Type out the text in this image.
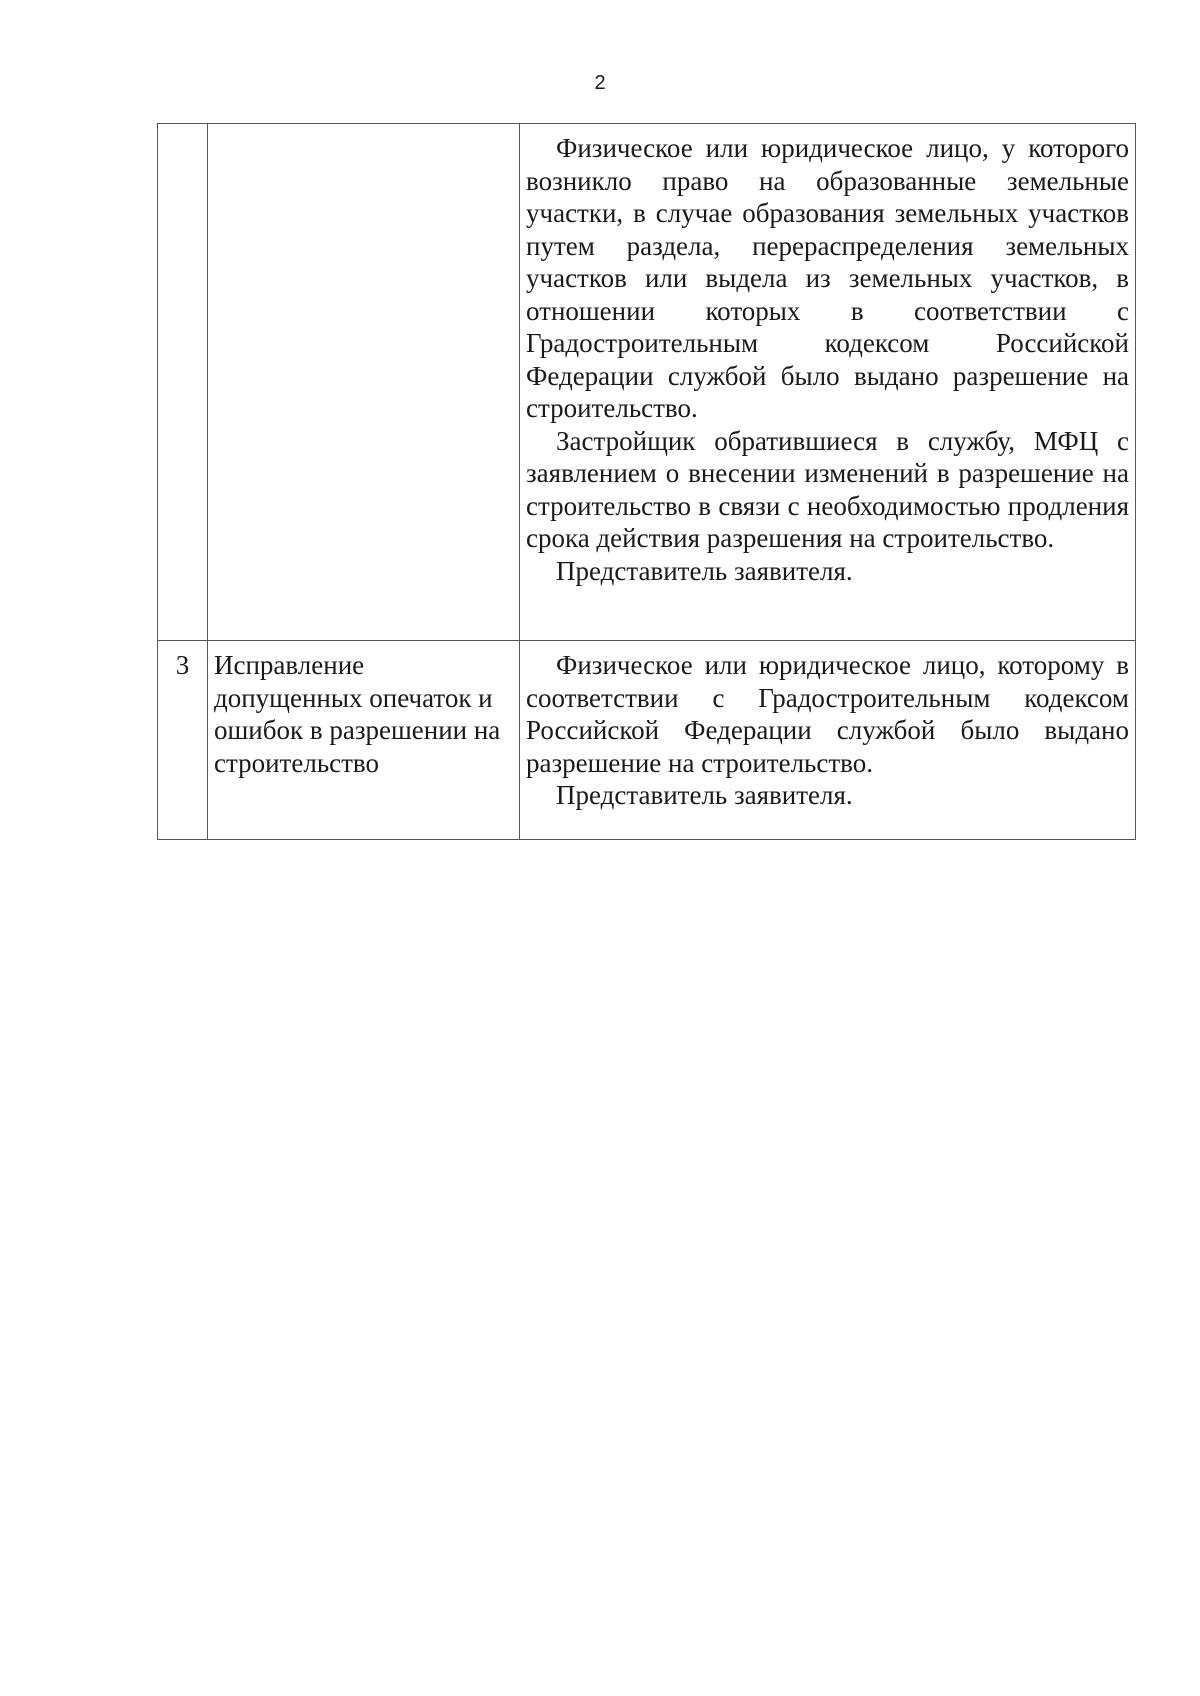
2

		Физическое или юридическое лицо, у которого возникло право на образованные земельные участки, в случае образования земельных участков путем раздела, перераспределения земельных участков или выдела из земельных участков, в отношении которых в соответствии с Градостроительным кодексом Российской Федерации службой было выдано разрешение на строительство.

Застройщик обратившиеся в службу, МФЦ с заявлением о внесении изменений в разрешение на строительство в связи с необходимостью продления срока действия разрешения на строительство.

Представитель заявителя.

3	Исправление допущенных опечаток и ошибок в разрешении на строительство	Физическое или юридическое лицо, которому в соответствии с Градостроительным кодексом Российской Федерации службой было выдано разрешение на строительство.

Представитель заявителя.
